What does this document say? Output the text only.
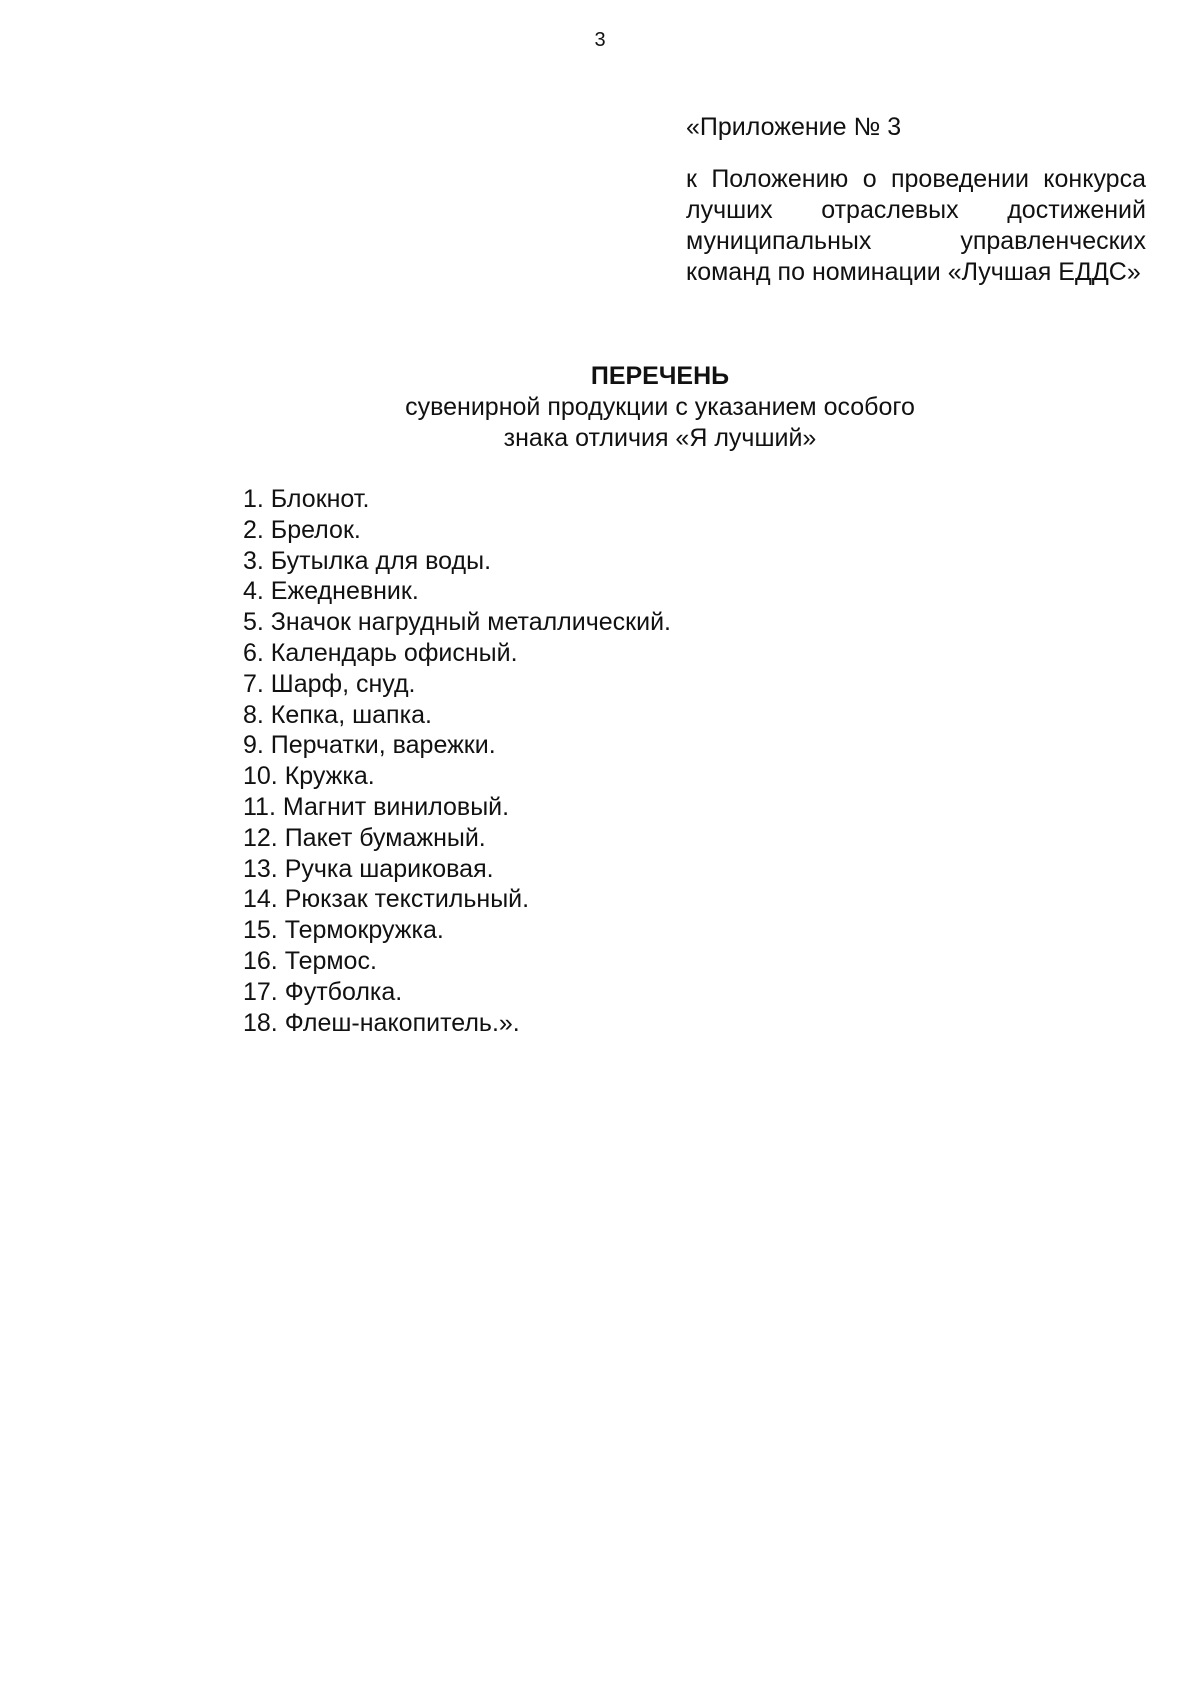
3

«Приложение № 3

к Положению о проведении конкурса лучших отраслевых достижений муниципальных управленческих команд по номинации «Лучшая ЕДДС»

ПЕРЕЧЕНЬ

сувенирной продукции с указанием особого

знака отличия «Я лучший»

1. Блокнот.
2. Брелок.
3. Бутылка для воды.
4. Ежедневник.
5. Значок нагрудный металлический.
6. Календарь офисный.
7. Шарф, снуд.
8. Кепка, шапка.
9. Перчатки, варежки.
10. Кружка.
11. Магнит виниловый.
12. Пакет бумажный.
13. Ручка шариковая.
14. Рюкзак текстильный.
15. Термокружка.
16. Термос.
17. Футболка.
18. Флеш-накопитель.».
